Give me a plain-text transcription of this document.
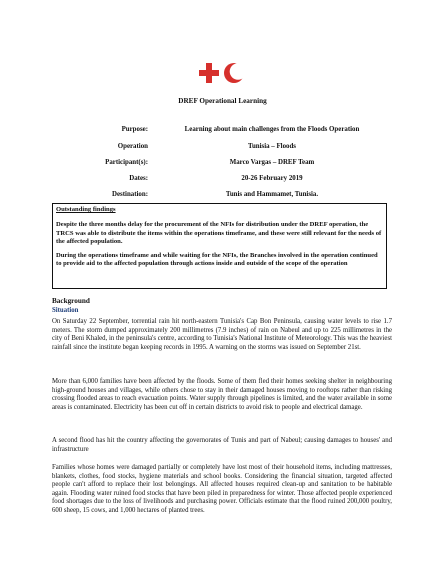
DREF Operational Learning
Purpose:	Learning about main challenges from the Floods Operation
Operation	Tunisia – Floods
Participant(s):	Marco Vargas – DREF Team
Dates:	20-26 February 2019
Destination:	Tunis and Hammamet, Tunisia.
Outstanding findings

Despite the three months delay for the procurement of the NFIs for distribution under the DREF operation, the TRCS was able to distribute the items within the operations timeframe, and these were still relevant for the needs of the affected population.

During the operations timeframe and while waiting for the NFIs, the Branches involved in the operation continued to provide aid to the affected population through actions inside and outside of the scope of the operation

Background
Situation

On Saturday 22 September, torrential rain hit north-eastern Tunisia's Cap Bon Peninsula, causing water levels to rise 1.7 meters. The storm dumped approximately 200 millimetres (7.9 inches) of rain on Nabeul and up to 225 millimetres in the city of Beni Khaled, in the peninsula's centre, according to Tunisia's National Institute of Meteorology. This was the heaviest rainfall since the institute began keeping records in 1995. A warning on the storms was issued on September 21st.

More than 6,000 families have been affected by the floods. Some of them fled their homes seeking shelter in neighbouring high-ground houses and villages, while others chose to stay in their damaged houses moving to rooftops rather than risking crossing flooded areas to reach evacuation points. Water supply through pipelines is limited, and the water available in some areas is contaminated. Electricity has been cut off in certain districts to avoid risk to people and electrical damage.

A second flood has hit the country affecting the governorates of Tunis and part of Nabeul; causing damages to houses' and infrastructure

Families whose homes were damaged partially or completely have lost most of their household items, including mattresses, blankets, clothes, food stocks, hygiene materials and school books. Considering the financial situation, targeted affected people can't afford to replace their lost belongings. All affected houses required clean-up and sanitation to be habitable again. Flooding water ruined food stocks that have been piled in preparedness for winter. Those affected people experienced food shortages due to the loss of livelihoods and purchasing power. Officials estimate that the flood ruined 200,000 poultry, 600 sheep, 15 cows, and 1,000 hectares of planted trees.
